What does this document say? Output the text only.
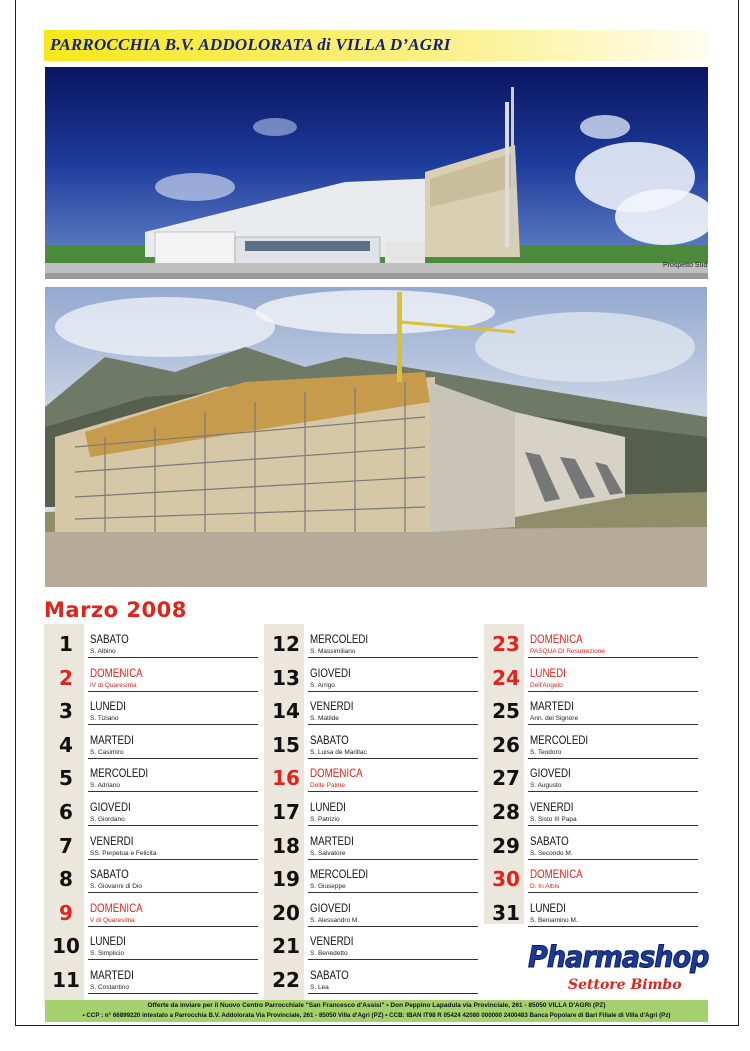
PARROCCHIA B.V. ADDOLORATA di VILLA D’AGRI
Prospetto Sud
Marzo 2008
1	SABATO
S. Albino
2	DOMENICA
IV di Quaresima
3	LUNEDI
S. Tiziano
4	MARTEDI
S. Casimiro
5	MERCOLEDI
S. Adriano
6	GIOVEDI
S. Giordano
7	VENERDI
SS. Perpetua e Felicita
8	SABATO
S. Giovanni di Dio
9	DOMENICA
V di Quaresima
10 LUNEDI
S. Simplicio
11 MARTEDI
S. Costantino
12 MERCOLEDI
S. Massimiliano
13 GIOVEDI
S. Arrigo
14 VENERDI
S. Matilde
15 SABATO
S. Luisa de Marillac
16 DOMENICA
Delle Palme
17 LUNEDI
S. Patrizio
18 MARTEDI
S. Salvatore
19 MERCOLEDI
S. Giuseppe
20 GIOVEDI
S. Alessandro M.
21 VENERDI
S. Benedetto
22 SABATO
S. Lea
23 DOMENICA
PASQUA DI Resurrezione
24 LUNEDI
Dell'Angelo
25 MARTEDI
Ann. del Signore
26 MERCOLEDI
S. Teodoro
27 GIOVEDI
S. Augusto
28 VENERDI
S. Sisto III Papa
29 SABATO
S. Secondo M.
30 DOMENICA
D. In Albis
31 LUNEDI
S. Beniamino M.
Pharmashop
Settore Bimbo
Offerte da inviare per il Nuovo Centro Parrocchiale "San Francesco d'Assisi" • Don Peppino Lapadula via Provinciale, 261 - 85050 VILLA D'AGRI (PZ)
• CCP : n° 66899220 intestato a Parrocchia B.V. Addolorata Via Provinciale, 261 - 85050 Villa d'Agri (PZ) • CCB: IBAN IT98 R 05424 42080 000000 2400483 Banca Popolare di Bari Filiale di Villa d'Agri (Pz)
